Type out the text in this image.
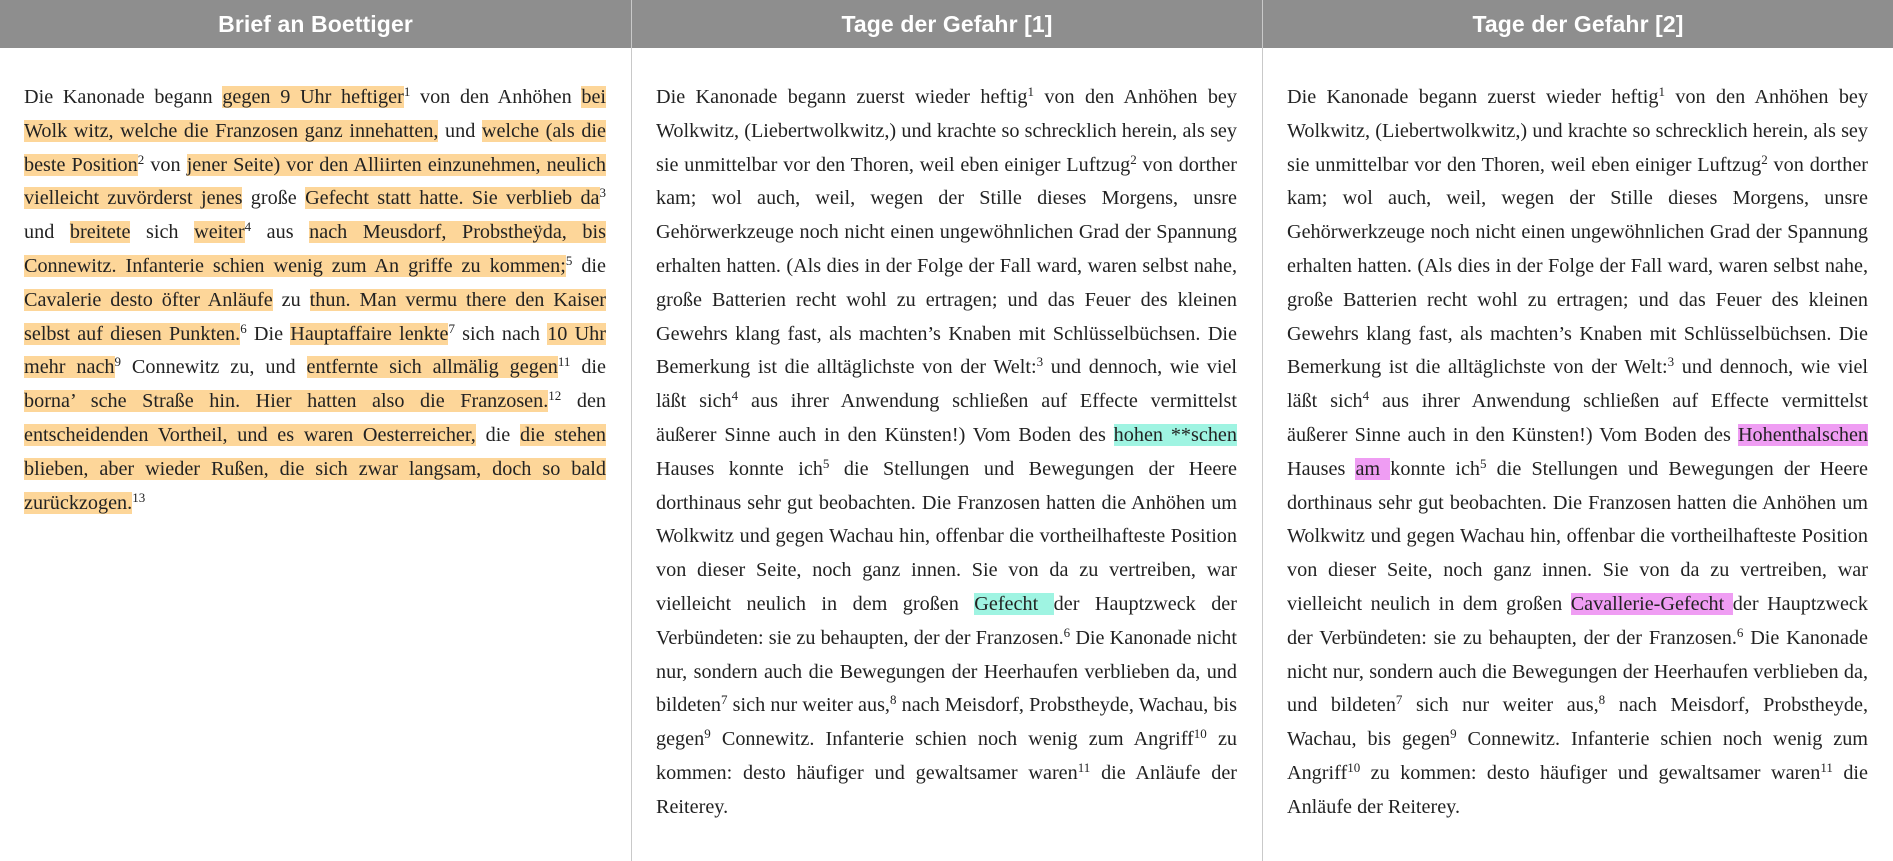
Brief an Boettiger

Die Kanonade begann gegen 9 Uhr heftiger$^1$ von den Anhöhen bei Wolk witz, welche die Franzosen ganz innehatten, und welche (als die beste Position$^2$ von jener Seite) vor den Alliirten einzunehmen, neulich vielleicht zuvörderst jenes große Gefecht statt hatte. Sie verblieb $da^3$ und breitete sich weiter$^4$ aus nach Meusdorf, Probstheÿda, bis Connewitz. Infanterie schien wenig zum An griffe zu kommen;$^5$ die Cavalerie desto öfter Anläufe zu thun. Man vermu there den Kaiser selbst auf diesen Punkten.$^6$ Die Hauptaffaire lenkte$^7$ sich nach 10 Uhr mehr nach$^9$ Connewitz zu, und entfernte sich allmälig gegen$^{11}$ die borna’ sche Straße hin. Hier hatten also die Franzosen.$^{12}$ den entscheidenden Vortheil, und es waren Oesterreicher, die die stehen blieben, aber wieder Rußen, die sich zwar langsam, doch so bald zurückzogen.$^{13}$

Tage der Gefahr [1]

Die Kanonade begann zuerst wieder heftig$^1$ von den Anhöhen bey Wolkwitz, (Liebertwolkwitz,) und krachte so schrecklich herein, als sey sie unmittelbar vor den Thoren, weil eben einiger Luftzug$^2$ von dorther kam; wol auch, weil, wegen der Stille dieses Morgens, unsre Gehörwerkzeuge noch nicht einen ungewöhnlichen Grad der Spannung erhalten hatten. (Als dies in der Folge der Fall ward, waren selbst nahe, große Batterien recht wohl zu ertragen; und das Feuer des kleinen Gewehrs klang fast, als machten’s Knaben mit Schlüsselbüchsen. Die Bemerkung ist die alltäglichste von der Welt:$^3$ und dennoch, wie viel läßt sich$^4$ aus ihrer Anwendung schließen auf Effecte vermittelst äußerer Sinne auch in den Künsten!) Vom Boden des hohen **schen Hauses konnte ich$^5$ die Stellungen und Bewegungen der Heere dorthinaus sehr gut beobachten. Die Franzosen hatten die Anhöhen um Wolkwitz und gegen Wachau hin, offenbar die vortheilhafteste Position von dieser Seite, noch ganz innen. Sie von da zu vertreiben, war vielleicht neulich in dem großen Gefecht der Hauptzweck der Verbündeten: sie zu behaupten, der der Franzosen.$^6$ Die Kanonade nicht nur, sondern auch die Bewegungen der Heerhaufen verblieben da, und bildeten$^7$ sich nur weiter aus,$^8$ nach Meisdorf, Probstheyde, Wachau, bis gegen$^9$ Connewitz. Infanterie schien noch wenig zum Angriff$^{10}$ zu kommen: desto häufiger und gewaltsamer waren$^{11}$ die Anläufe der Reiterey.

Tage der Gefahr [2]

Die Kanonade begann zuerst wieder heftig$^1$ von den Anhöhen bey Wolkwitz, (Liebertwolkwitz,) und krachte so schrecklich herein, als sey sie unmittelbar vor den Thoren, weil eben einiger Luftzug$^2$ von dorther kam; wol auch, weil, wegen der Stille dieses Morgens, unsre Gehörwerkzeuge noch nicht einen ungewöhnlichen Grad der Spannung erhalten hatten. (Als dies in der Folge der Fall ward, waren selbst nahe, große Batterien recht wohl zu ertragen; und das Feuer des kleinen Gewehrs klang fast, als machten’s Knaben mit Schlüsselbüchsen. Die Bemerkung ist die alltäglichste von der Welt:$^3$ und dennoch, wie viel läßt sich$^4$ aus ihrer Anwendung schließen auf Effecte vermittelst äußerer Sinne auch in den Künsten!) Vom Boden des Hohenthalschen Hauses am konnte ich$^5$ die Stellungen und Bewegungen der Heere dorthinaus sehr gut beobachten. Die Franzosen hatten die Anhöhen um Wolkwitz und gegen Wachau hin, offenbar die vortheilhafteste Position von dieser Seite, noch ganz innen. Sie von da zu vertreiben, war vielleicht neulich in dem großen Cavallerie-Gefecht der Hauptzweck der Verbündeten: sie zu behaupten, der der Franzosen.$^6$ Die Kanonade nicht nur, sondern auch die Bewegungen der Heerhaufen verblieben da, und bildeten$^7$ sich nur weiter aus,$^8$ nach Meisdorf, Probstheyde, Wachau, bis gegen$^9$ Connewitz. Infanterie schien noch wenig zum Angriff$^{10}$ zu kommen: desto häufiger und gewaltsamer waren$^{11}$ die Anläufe der Reiterey.
